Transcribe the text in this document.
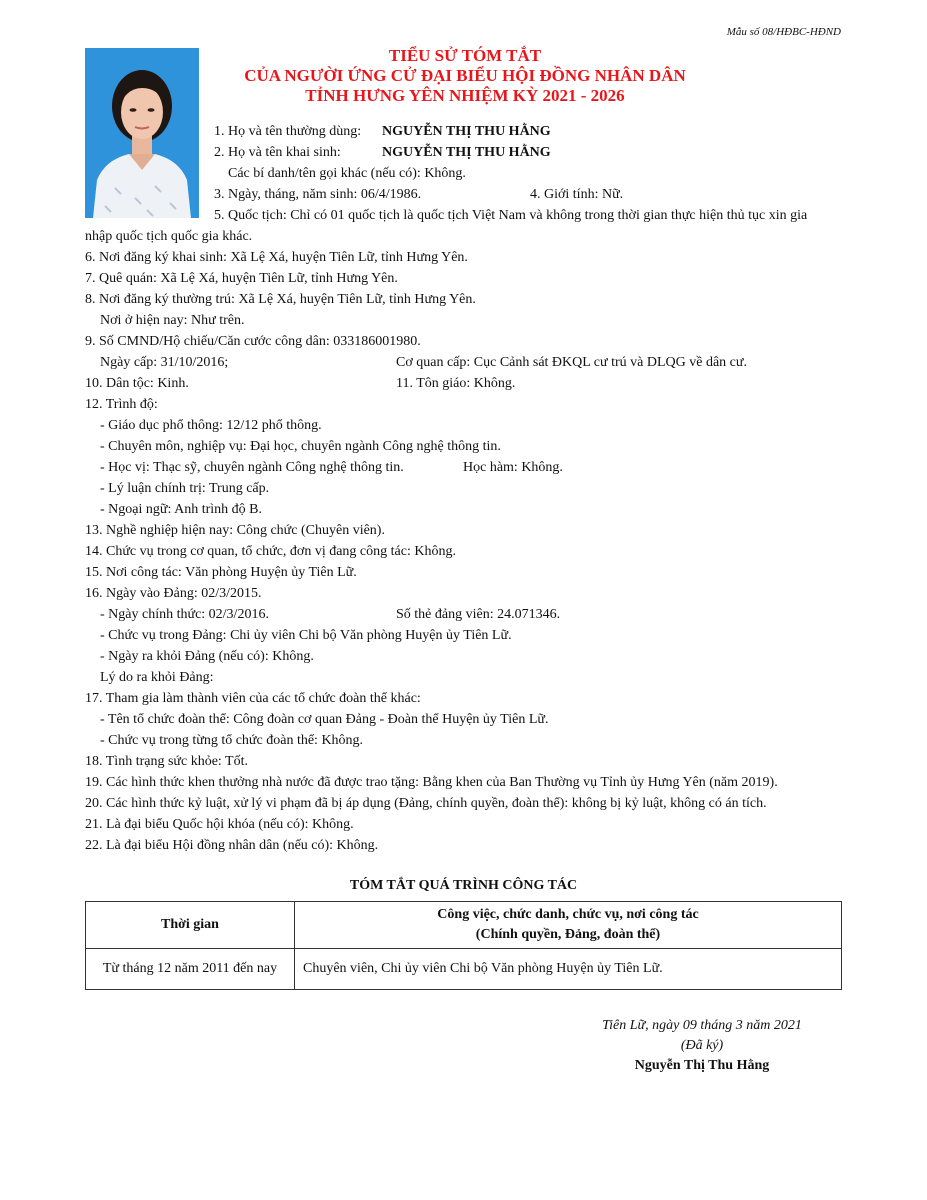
Mẫu số 08/HĐBC-HĐND
TIỂU SỬ TÓM TẮT
CỦA NGƯỜI ỨNG CỬ ĐẠI BIỂU HỘI ĐỒNG NHÂN DÂN
TỈNH HƯNG YÊN NHIỆM KỲ 2021 - 2026
1. Họ và tên thường dùng: NGUYỄN THỊ THU HẰNG
2. Họ và tên khai sinh:	NGUYỄN THỊ THU HẰNG
Các bí danh/tên gọi khác (nếu có): Không.
3. Ngày, tháng, năm sinh: 06/4/1986.	4. Giới tính: Nữ.
5. Quốc tịch: Chỉ có 01 quốc tịch là quốc tịch Việt Nam và không trong thời gian thực hiện thủ tục xin gia
nhập quốc tịch quốc gia khác.
6. Nơi đăng ký khai sinh: Xã Lệ Xá, huyện Tiên Lữ, tỉnh Hưng Yên.
7. Quê quán: Xã Lệ Xá, huyện Tiên Lữ, tỉnh Hưng Yên.
8. Nơi đăng ký thường trú: Xã Lệ Xá, huyện Tiên Lữ, tỉnh Hưng Yên.
Nơi ở hiện nay: Như trên.
9. Số CMND/Hộ chiếu/Căn cước công dân: 033186001980.
Ngày cấp: 31/10/2016;	Cơ quan cấp: Cục Cảnh sát ĐKQL cư trú và DLQG về dân cư.
10. Dân tộc: Kinh.	11. Tôn giáo: Không.
12. Trình độ:
- Giáo dục phổ thông: 12/12 phổ thông.
- Chuyên môn, nghiệp vụ: Đại học, chuyên ngành Công nghệ thông tin.
- Học vị: Thạc sỹ, chuyên ngành Công nghệ thông tin.	Học hàm: Không.
- Lý luận chính trị: Trung cấp.
- Ngoại ngữ: Anh trình độ B.
13. Nghề nghiệp hiện nay: Công chức (Chuyên viên).
14. Chức vụ trong cơ quan, tổ chức, đơn vị đang công tác: Không.
15. Nơi công tác: Văn phòng Huyện ủy Tiên Lữ.
16. Ngày vào Đảng: 02/3/2015.
- Ngày chính thức: 02/3/2016.	Số thẻ đảng viên: 24.071346.
- Chức vụ trong Đảng: Chi ủy viên Chi bộ Văn phòng Huyện ủy Tiên Lữ.
- Ngày ra khỏi Đảng (nếu có): Không.
Lý do ra khỏi Đảng:
17. Tham gia làm thành viên của các tổ chức đoàn thể khác:
- Tên tổ chức đoàn thể: Công đoàn cơ quan Đảng - Đoàn thể Huyện ủy Tiên Lữ.
- Chức vụ trong từng tổ chức đoàn thể: Không.
18. Tình trạng sức khỏe: Tốt.
19. Các hình thức khen thưởng nhà nước đã được trao tặng: Bằng khen của Ban Thường vụ Tỉnh ủy Hưng Yên (năm 2019).
20. Các hình thức kỷ luật, xử lý vi phạm đã bị áp dụng (Đảng, chính quyền, đoàn thể): không bị kỷ luật, không có án tích.
21. Là đại biểu Quốc hội khóa (nếu có): Không.
22. Là đại biểu Hội đồng nhân dân (nếu có): Không.
TÓM TẮT QUÁ TRÌNH CÔNG TÁC
Thời gian	Công việc, chức danh, chức vụ, nơi công tác
(Chính quyền, Đảng, đoàn thể)

Từ tháng 12 năm 2011 đến nay	Chuyên viên, Chi ủy viên Chi bộ Văn phòng Huyện ủy Tiên Lữ.
Tiên Lữ, ngày 09 tháng 3 năm 2021
(Đã ký)
Nguyễn Thị Thu Hằng
